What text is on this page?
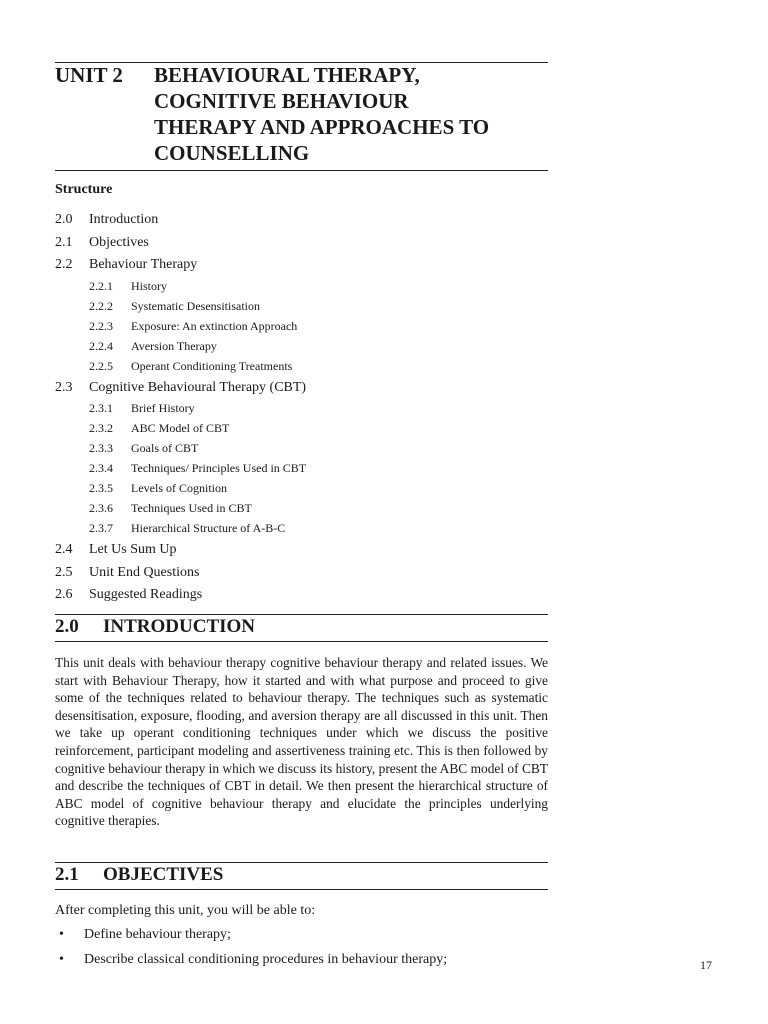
UNIT 2 BEHAVIOURAL THERAPY,
COGNITIVE BEHAVIOUR
THERAPY AND APPROACHES TO
COUNSELLING
Structure
2.0 Introduction
2.1 Objectives
2.2 Behaviour Therapy
2.2.1 History
2.2.2 Systematic Desensitisation
2.2.3 Exposure: An extinction Approach
2.2.4 Aversion Therapy
2.2.5 Operant Conditioning Treatments
2.3 Cognitive Behavioural Therapy (CBT)
2.3.1 Brief History
2.3.2 ABC Model of CBT
2.3.3 Goals of CBT
2.3.4 Techniques/ Principles Used in CBT
2.3.5 Levels of Cognition
2.3.6 Techniques Used in CBT
2.3.7 Hierarchical Structure of A-B-C
2.4 Let Us Sum Up
2.5 Unit End Questions
2.6 Suggested Readings
2.0 INTRODUCTION

This unit deals with behaviour therapy cognitive behaviour therapy and related issues. We start with Behaviour Therapy, how it started and with what purpose and proceed to give some of the techniques related to behaviour therapy. The techniques such as systematic desensitisation, exposure, flooding, and aversion therapy are all discussed in this unit. Then we take up operant conditioning techniques under which we discuss the positive reinforcement, participant modeling and assertiveness training etc. This is then followed by cognitive behaviour therapy in which we discuss its history, present the ABC model of CBT and describe the techniques of CBT in detail. We then present the hierarchical structure of ABC model of cognitive behaviour therapy and elucidate the principles underlying cognitive therapies.

2.1 OBJECTIVES
After completing this unit, you will be able to:
• Define behaviour therapy;
• Describe classical conditioning procedures in behaviour therapy;	17
